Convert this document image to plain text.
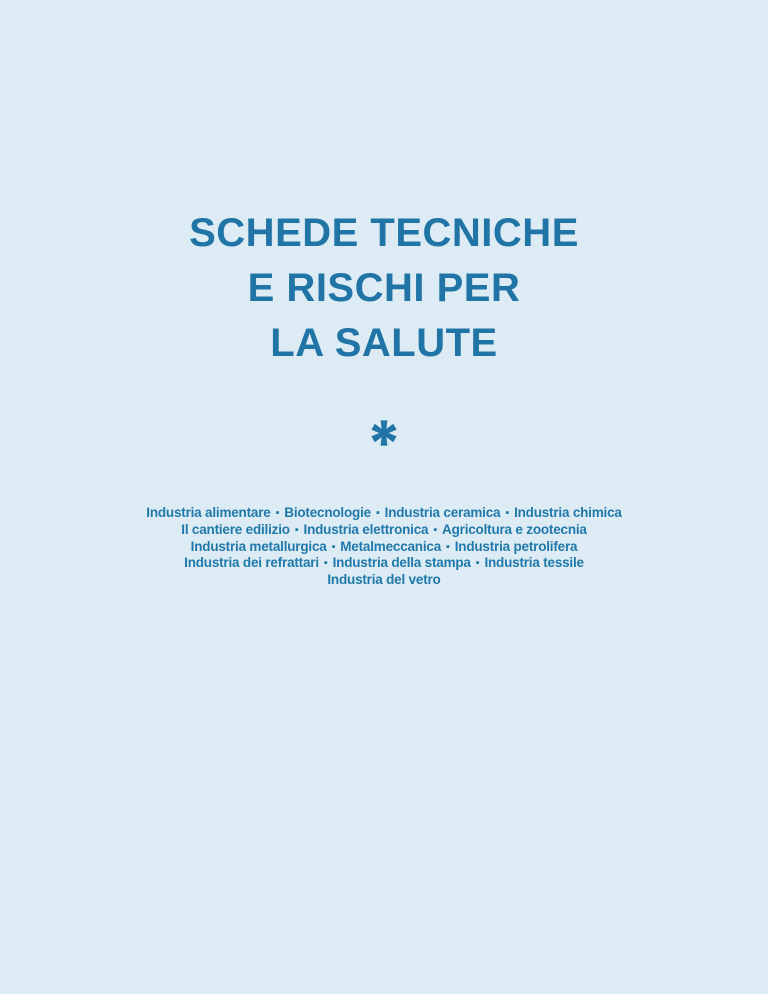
SCHEDE TECNICHE
E RISCHI PER
LA SALUTE
Industria alimentare ▪ Biotecnologie ▪ Industria ceramica ▪ Industria chimica
Il cantiere edilizio ▪ Industria elettronica ▪ Agricoltura e zootecnia
Industria metallurgica ▪ Metalmeccanica ▪ Industria petrolifera
Industria dei refrattari ▪ Industria della stampa ▪ Industria tessile
Industria del vetro
